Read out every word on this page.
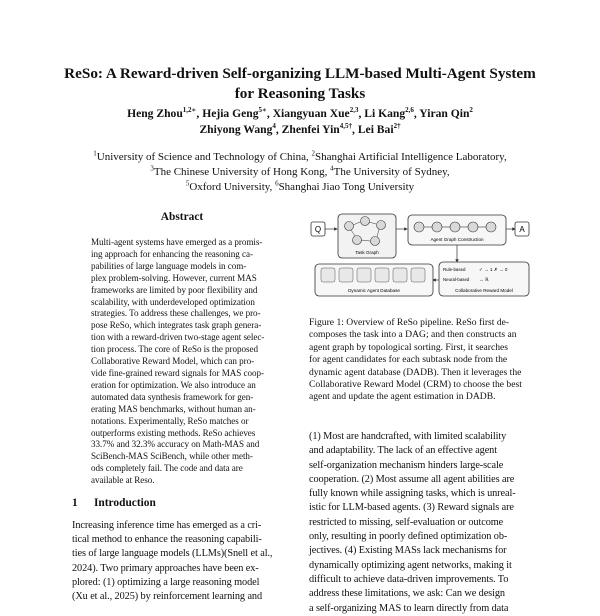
ReSo: A Reward-driven Self-organizing LLM-based Multi-Agent System
for Reasoning Tasks
Heng Zhou$^{1,2∗}$, Hejia Geng$^{5∗}$, Xiangyuan Xue$^{2,3}$, Li Kang$^{2,6}$, Yiran Qin$^2$
Zhiyong Wang$^4$, Zhenfei Yin$^{4,5\dagger}$, Lei Bai$^{2\dagger}$
$^1$University of Science and Technology of China, $^2$Shanghai Artificial Intelligence Laboratory,
$^3$The Chinese University of Hong Kong, $^4$The University of Sydney,
$^5$Oxford University, $^6$Shanghai Jiao Tong University
Abstract
Multi-agent systems have emerged as a promis-
ing approach for enhancing the reasoning ca-
pabilities of large language models in com-
plex problem-solving. However, current MAS
frameworks are limited by poor flexibility and
scalability, with underdeveloped optimization
strategies. To address these challenges, we pro-
pose ReSo, which integrates task graph genera-
tion with a reward-driven two-stage agent selec-
tion process. The core of ReSo is the proposed
Collaborative Reward Model, which can pro-
vide fine-grained reward signals for MAS coop-
eration for optimization. We also introduce an
automated data synthesis framework for gen-
erating MAS benchmarks, without human an-
notations. Experimentally, ReSo matches or
outperforms existing methods. ReSo achieves
33.7% and 32.3% accuracy on Math-MAS and
SciBench-MAS SciBench, while other meth-
ods completely fail. The code and data are
available at Reso.
1 Introduction
Increasing inference time has emerged as a cri-
tical method to enhance the reasoning capabili-
ties of large language models (LLMs)(Snell et al.,
2024). Two primary approaches have been ex-
plored: (1) optimizing a large reasoning model
(Xu et al., 2025) by reinforcement learning and
Q
Task Graph
Agent Graph Construction
A
Dynamic Agent Database
Rule-based	✓ → 1 ✗ → 0
Neural-based → ℝ
Collaborative Reward Model
Figure 1: Overview of ReSo pipeline. ReSo first de-
composes the task into a DAG; and then constructs an
agent graph by topological sorting. First, it searches
for agent candidates for each subtask node from the
dynamic agent database (DADB). Then it leverages the
Collaborative Reward Model (CRM) to choose the best
agent and update the agent estimation in DADB.
(1) Most are handcrafted, with limited scalability
and adaptability. The lack of an effective agent
self-organization mechanism hinders large-scale
cooperation. (2) Most assume all agent abilities are
fully known while assigning tasks, which is unreal-
istic for LLM-based agents. (3) Reward signals are
restricted to missing, self-evaluation or outcome
only, resulting in poorly defined optimization ob-
jectives. (4) Existing MASs lack mechanisms for
dynamically optimizing agent networks, making it
difficult to achieve data-driven improvements. To
address these limitations, we ask: Can we design
a self-organizing MAS to learn directly from data
